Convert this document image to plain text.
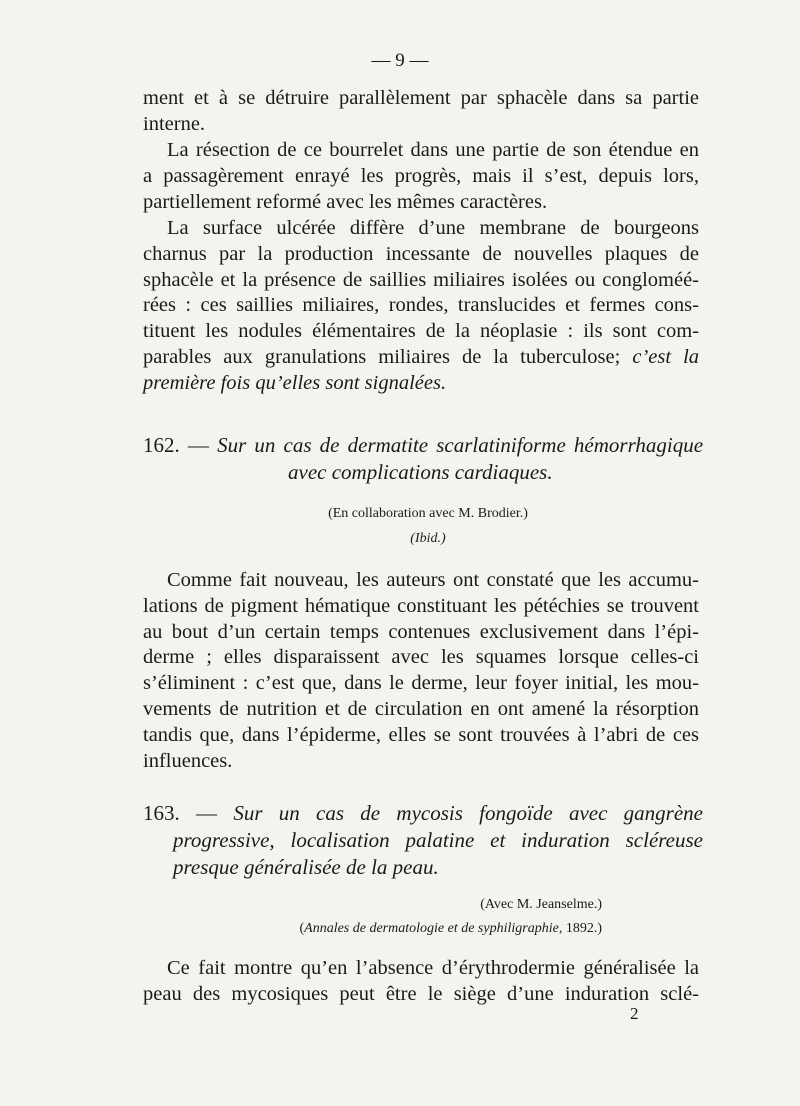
— 9 —
ment et à se détruire parallèlement par sphacèle dans sa partie
interne.
La résection de ce bourrelet dans une partie de son étendue en
a passagèrement enrayé les progrès, mais il s’est, depuis lors,
partiellement reformé avec les mêmes caractères.
La surface ulcérée diffère d’une membrane de bourgeons
charnus par la production incessante de nouvelles plaques de
sphacèle et la présence de saillies miliaires isolées ou congloméé-
rées : ces saillies miliaires, rondes, translucides et fermes cons-
tituent les nodules élémentaires de la néoplasie : ils sont com-
parables aux granulations miliaires de la tuberculose; c’est la
première fois qu’elles sont signalées.
162. — Sur un cas de dermatite scarlatiniforme hémorrhagique
avec complications cardiaques.
(En collaboration avec M. Brodier.)
(Ibid.)
Comme fait nouveau, les auteurs ont constaté que les accumu-
lations de pigment hématique constituant les pétéchies se trouvent
au bout d’un certain temps contenues exclusivement dans l’épi-
derme ; elles disparaissent avec les squames lorsque celles-ci
s’éliminent : c’est que, dans le derme, leur foyer initial, les mou-
vements de nutrition et de circulation en ont amené la résorption
tandis que, dans l’épiderme, elles se sont trouvées à l’abri de ces
influences.
163. — Sur un cas de mycosis fongoïde avec gangrène
progressive, localisation palatine et induration scléreuse
presque généralisée de la peau.
(Avec M. Jeanselme.)
(Annales de dermatologie et de syphiligraphie, 1892.)
Ce fait montre qu’en l’absence d’érythrodermie généralisée la
peau des mycosiques peut être le siège d’une induration sclé-
2
